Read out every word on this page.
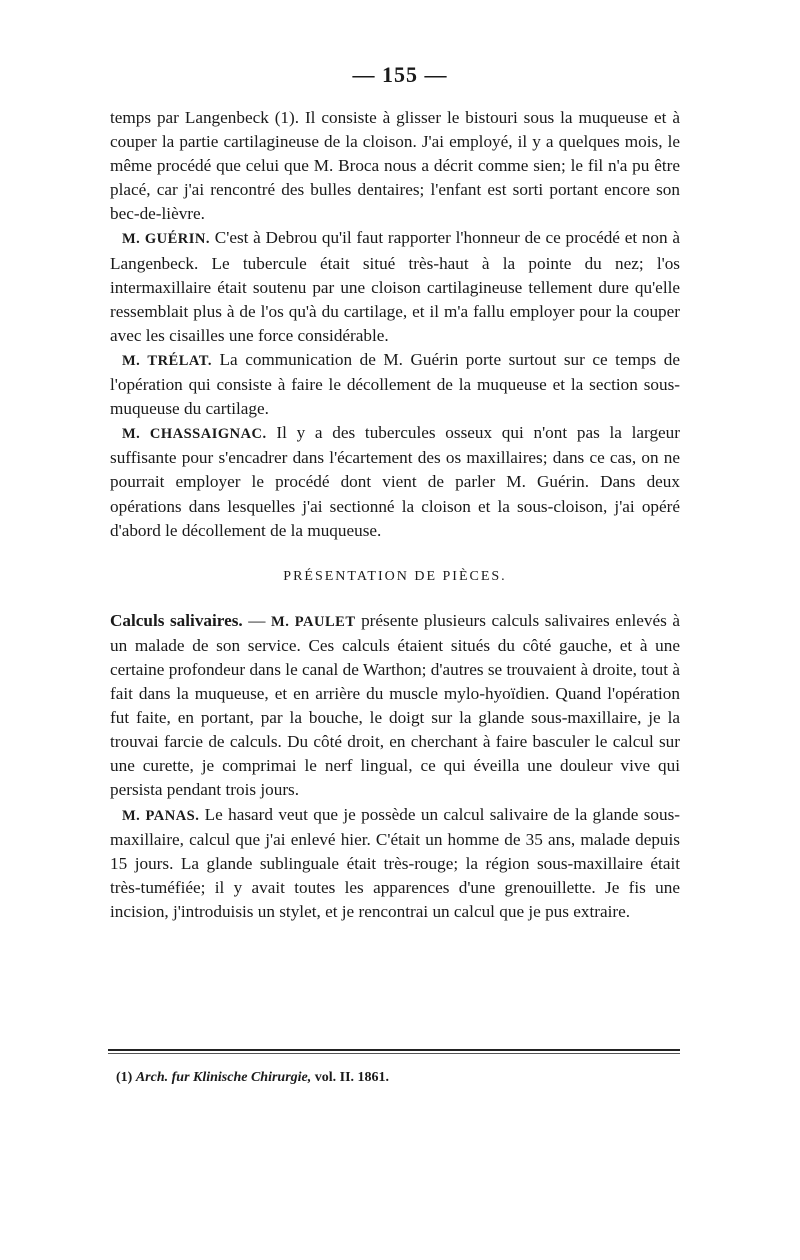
— 155 —

temps par Langenbeck (1). Il consiste à glisser le bistouri sous la muqueuse et à couper la partie cartilagineuse de la cloison. J'ai employé, il y a quelques mois, le même procédé que celui que M. Broca nous a décrit comme sien; le fil n'a pu être placé, car j'ai rencontré des bulles dentaires; l'enfant est sorti portant encore son bec-de-lièvre.

M. GUÉRIN. C'est à Debrou qu'il faut rapporter l'honneur de ce procédé et non à Langenbeck. Le tubercule était situé très-haut à la pointe du nez; l'os intermaxillaire était soutenu par une cloison cartilagineuse tellement dure qu'elle ressemblait plus à de l'os qu'à du cartilage, et il m'a fallu employer pour la couper avec les cisailles une force considérable.

M. TRÉLAT. La communication de M. Guérin porte surtout sur ce temps de l'opération qui consiste à faire le décollement de la muqueuse et la section sous-muqueuse du cartilage.

M. CHASSAIGNAC. Il y a des tubercules osseux qui n'ont pas la largeur suffisante pour s'encadrer dans l'écartement des os maxillaires; dans ce cas, on ne pourrait employer le procédé dont vient de parler M. Guérin. Dans deux opérations dans lesquelles j'ai sectionné la cloison et la sous-cloison, j'ai opéré d'abord le décollement de la muqueuse.

PRÉSENTATION DE PIÈCES.

Calculs salivaires. — M. PAULET présente plusieurs calculs salivaires enlevés à un malade de son service. Ces calculs étaient situés du côté gauche, et à une certaine profondeur dans le canal de Warthon; d'autres se trouvaient à droite, tout à fait dans la muqueuse, et en arrière du muscle mylo-hyoïdien. Quand l'opération fut faite, en portant, par la bouche, le doigt sur la glande sous-maxillaire, je la trouvai farcie de calculs. Du côté droit, en cherchant à faire basculer le calcul sur une curette, je comprimai le nerf lingual, ce qui éveilla une douleur vive qui persista pendant trois jours.

M. PANAS. Le hasard veut que je possède un calcul salivaire de la glande sous-maxillaire, calcul que j'ai enlevé hier. C'était un homme de 35 ans, malade depuis 15 jours. La glande sublinguale était très-rouge; la région sous-maxillaire était très-tuméfiée; il y avait toutes les apparences d'une grenouillette. Je fis une incision, j'introduisis un stylet, et je rencontrai un calcul que je pus extraire.

(1) Arch. fur Klinische Chirurgie, vol. II. 1861.
